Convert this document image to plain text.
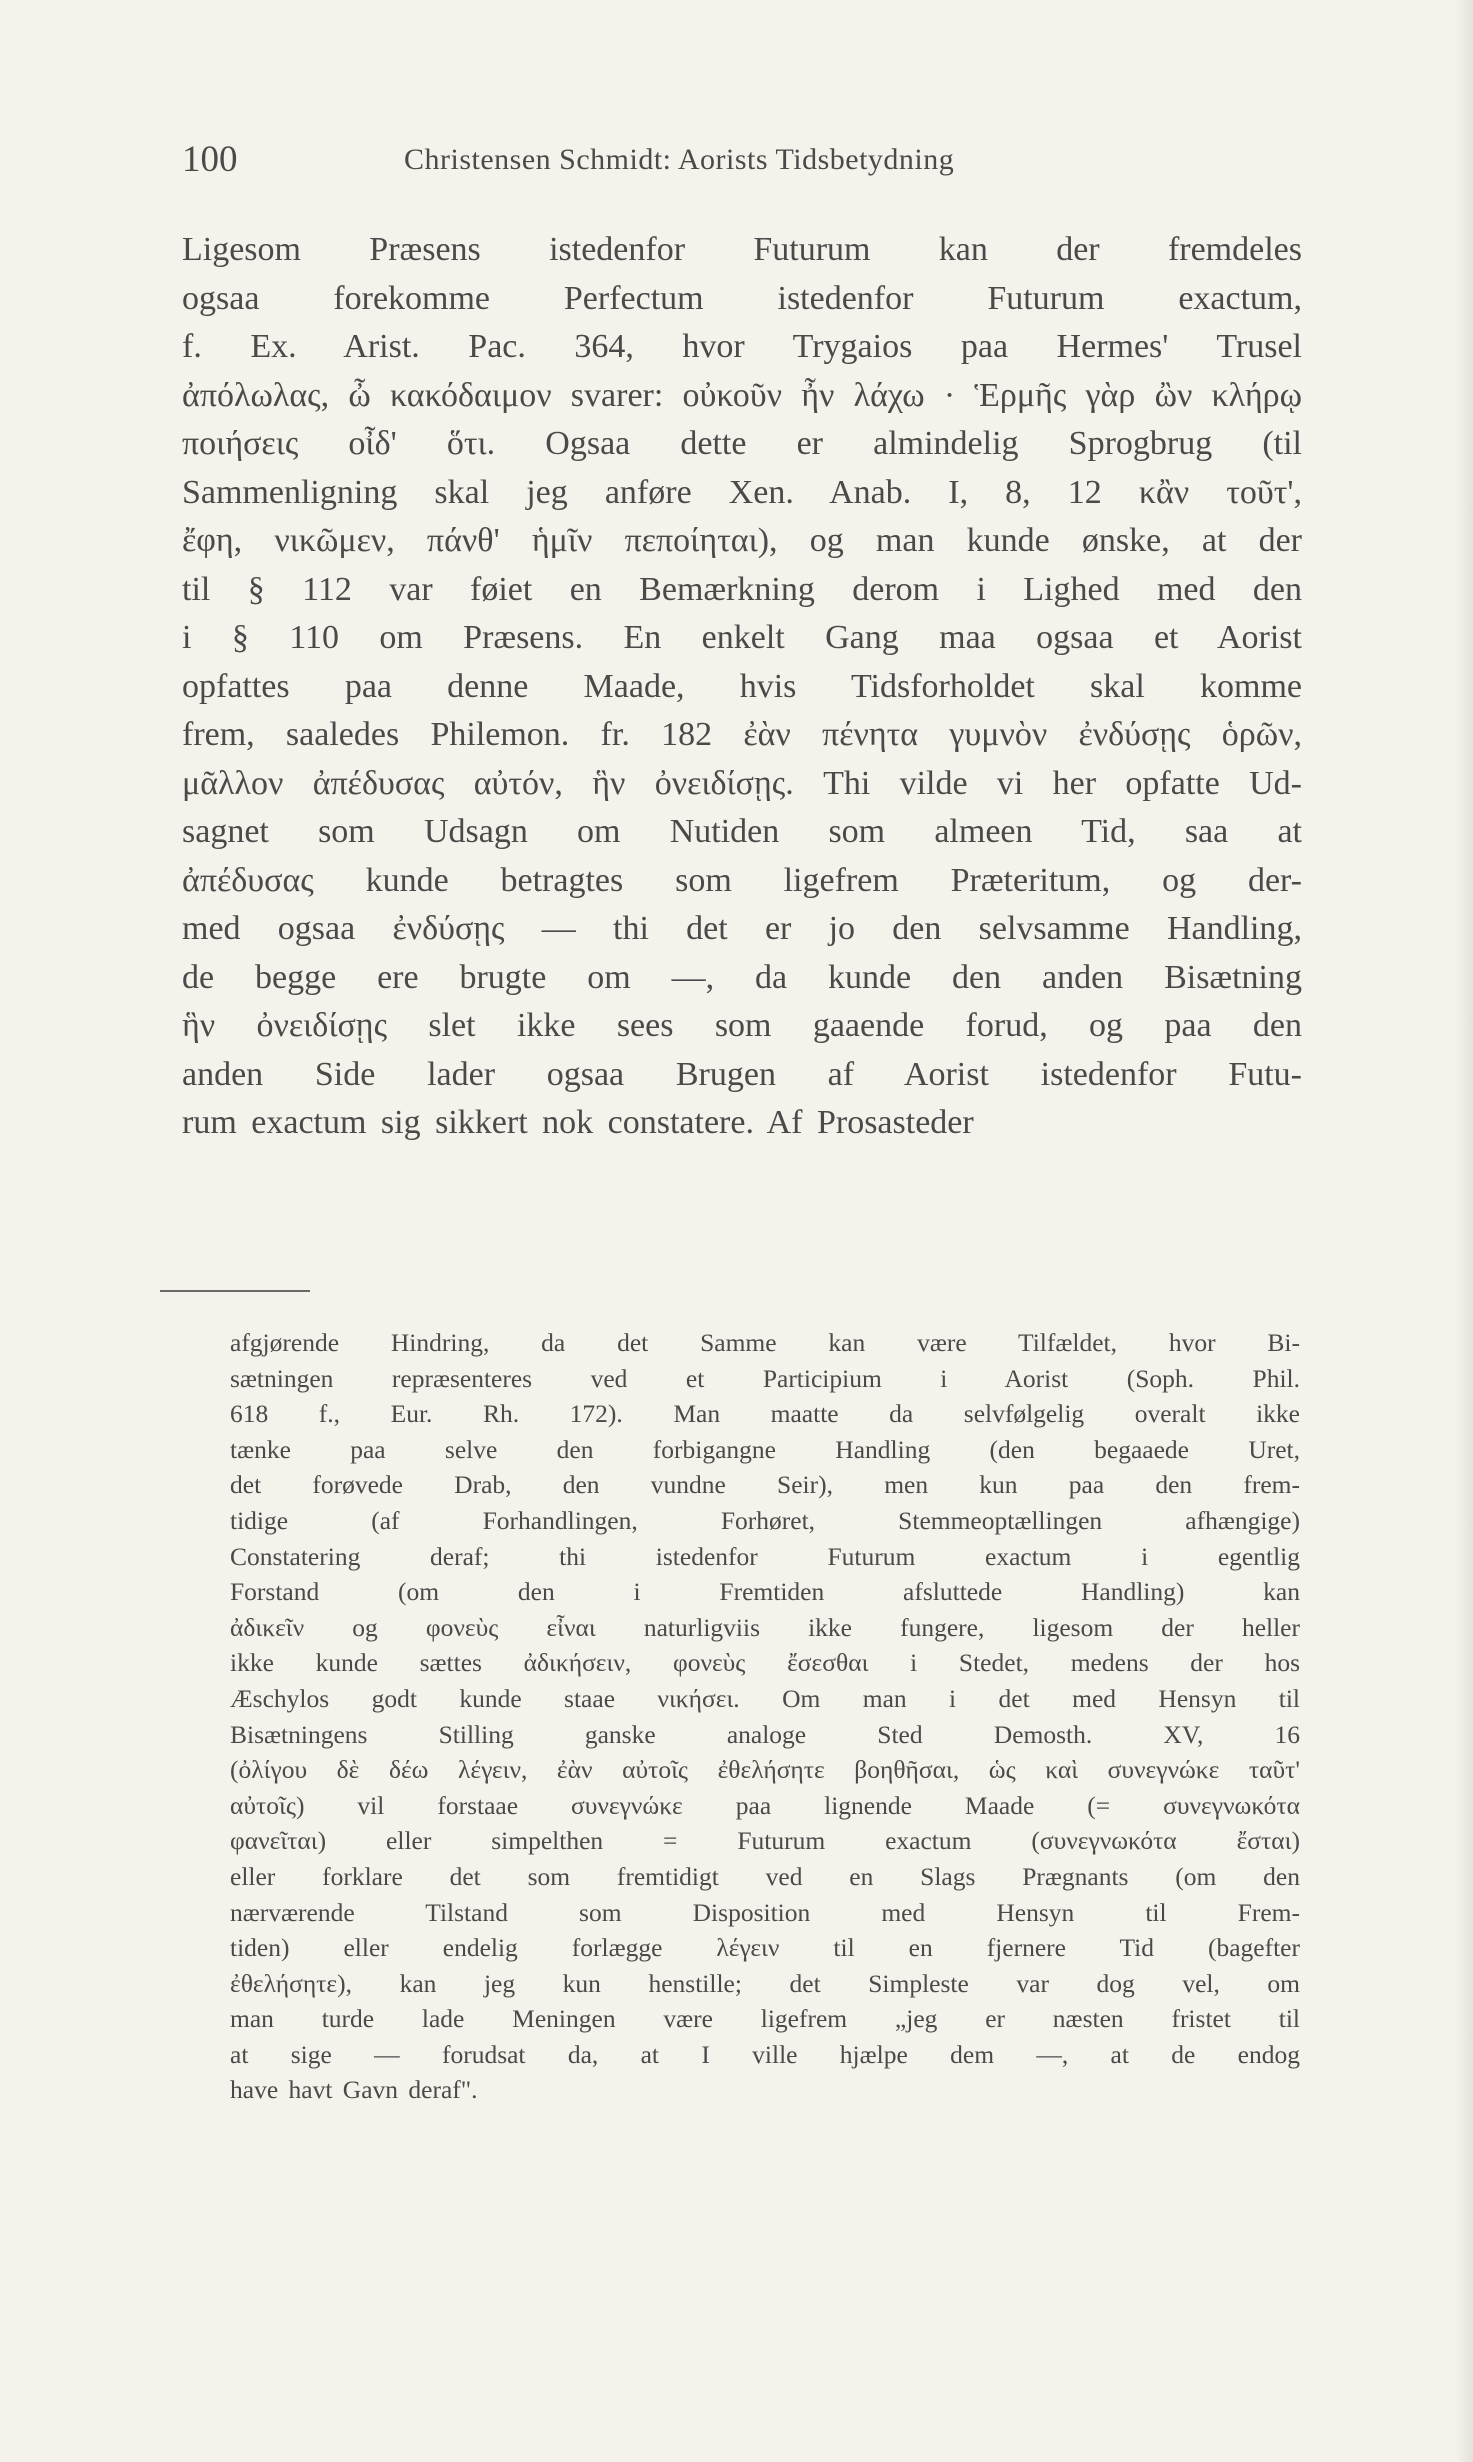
100	Christensen Schmidt: Aorists Tidsbetydning
Ligesom Præsens istedenfor Futurum kan der fremdeles
ogsaa forekomme Perfectum istedenfor Futurum exactum,
f. Ex. Arist. Pac. 364, hvor Trygaios paa Hermes' Trusel
ἀπόλωλας, ὦ κακόδαιμον svarer: οὐκοῦν ἦν λάχω · Ἑρμῆς γὰρ ὢν κλήρῳ
ποιήσεις οἶδ' ὅτι. Ogsaa dette er almindelig Sprogbrug (til
Sammenligning skal jeg anføre Xen. Anab. I, 8, 12 κἂν τοῦτ',
ἔφη, νικῶμεν, πάνθ' ἡμῖν πεποίηται), og man kunde ønske, at der
til § 112 var føiet en Bemærkning derom i Lighed med den
i § 110 om Præsens. En enkelt Gang maa ogsaa et Aorist
opfattes paa denne Maade, hvis Tidsforholdet skal komme
frem, saaledes Philemon. fr. 182 ἐὰν πένητα γυμνὸν ἐνδύσῃς ὁρῶν,
μᾶλλον ἀπέδυσας αὐτόν, ἣν ὀνειδίσῃς. Thi vilde vi her opfatte Ud-
sagnet som Udsagn om Nutiden som almeen Tid, saa at
ἀπέδυσας kunde betragtes som ligefrem Præteritum, og der-
med ogsaa ἐνδύσῃς — thi det er jo den selvsamme Handling,
de begge ere brugte om —, da kunde den anden Bisætning
ἣν ὀνειδίσῃς slet ikke sees som gaaende forud, og paa den
anden Side lader ogsaa Brugen af Aorist istedenfor Futu-
rum exactum sig sikkert nok constatere. Af Prosasteder
afgjørende Hindring, da det Samme kan være Tilfældet, hvor Bi-
sætningen repræsenteres ved et Participium i Aorist (Soph. Phil.
618 f., Eur. Rh. 172). Man maatte da selvfølgelig overalt ikke
tænke paa selve den forbigangne Handling (den begaaede Uret,
det forøvede Drab, den vundne Seir), men kun paa den frem-
tidige (af Forhandlingen, Forhøret, Stemmeoptællingen afhængige)
Constatering deraf; thi istedenfor Futurum exactum i egentlig
Forstand (om den i Fremtiden afsluttede Handling) kan
ἀδικεῖν og φονεὺς εἶναι naturligviis ikke fungere, ligesom der heller
ikke kunde sættes ἀδικήσειν, φονεὺς ἔσεσθαι i Stedet, medens der hos
Æschylos godt kunde staae νικήσει. Om man i det med Hensyn til
Bisætningens Stilling ganske analoge Sted Demosth. XV, 16
(ὀλίγου δὲ δέω λέγειν, ἐὰν αὐτοῖς ἐθελήσητε βοηθῆσαι, ὡς καὶ συνεγνώκε ταῦτ'
αὐτοῖς) vil forstaae συνεγνώκε paa lignende Maade (= συνεγνωκότα
φανεῖται) eller simpelthen = Futurum exactum (συνεγνωκότα ἔσται)
eller forklare det som fremtidigt ved en Slags Prægnants (om den
nærværende Tilstand som Disposition med Hensyn til Frem-
tiden) eller endelig forlægge λέγειν til en fjernere Tid (bagefter
ἐθελήσητε), kan jeg kun henstille; det Simpleste var dog vel, om
man turde lade Meningen være ligefrem „jeg er næsten fristet til
at sige — forudsat da, at I ville hjælpe dem —, at de endog
have havt Gavn deraf".
